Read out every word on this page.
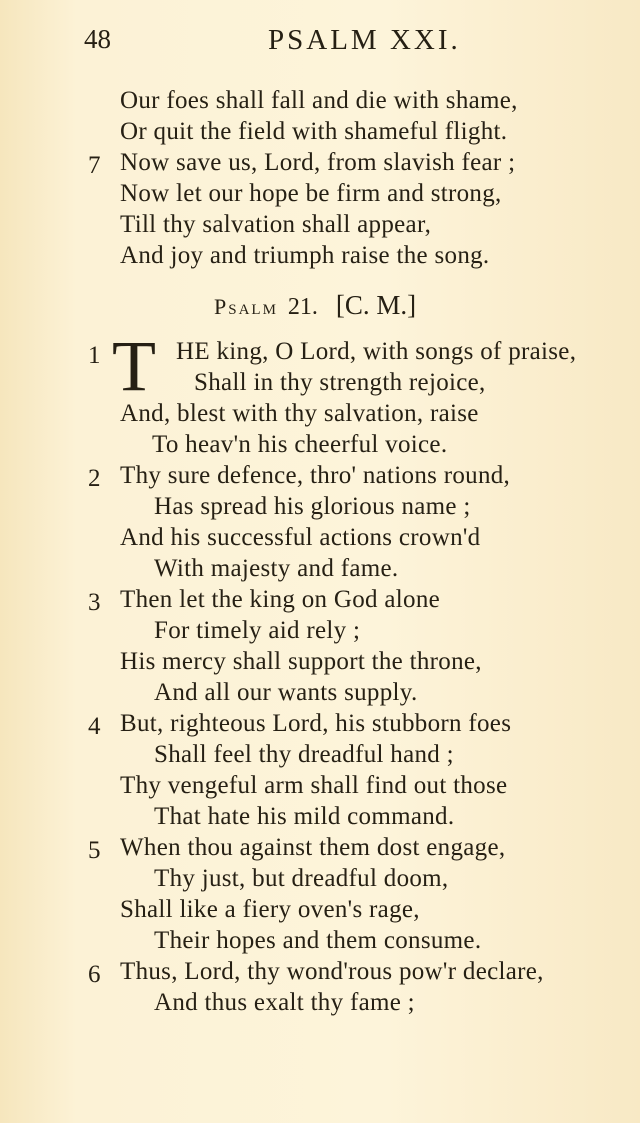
48	PSALM XXI.
Our foes shall fall and die with shame,
Or quit the field with shameful flight.
7 Now save us, Lord, from slavish fear ;
Now let our hope be firm and strong,
Till thy salvation shall appear,
And joy and triumph raise the song.
Psalm 21. [C. M.]
1 T HE king, O Lord, with songs of praise,
Shall in thy strength rejoice,
And, blest with thy salvation, raise
To heav'n his cheerful voice.
2 Thy sure defence, thro' nations round,
Has spread his glorious name ;
And his successful actions crown'd
With majesty and fame.
3 Then let the king on God alone
For timely aid rely ;
His mercy shall support the throne,
And all our wants supply.
4 But, righteous Lord, his stubborn foes
Shall feel thy dreadful hand ;
Thy vengeful arm shall find out those
That hate his mild command.
5 When thou against them dost engage,
Thy just, but dreadful doom,
Shall like a fiery oven's rage,
Their hopes and them consume.
6 Thus, Lord, thy wond'rous pow'r declare,
And thus exalt thy fame ;
